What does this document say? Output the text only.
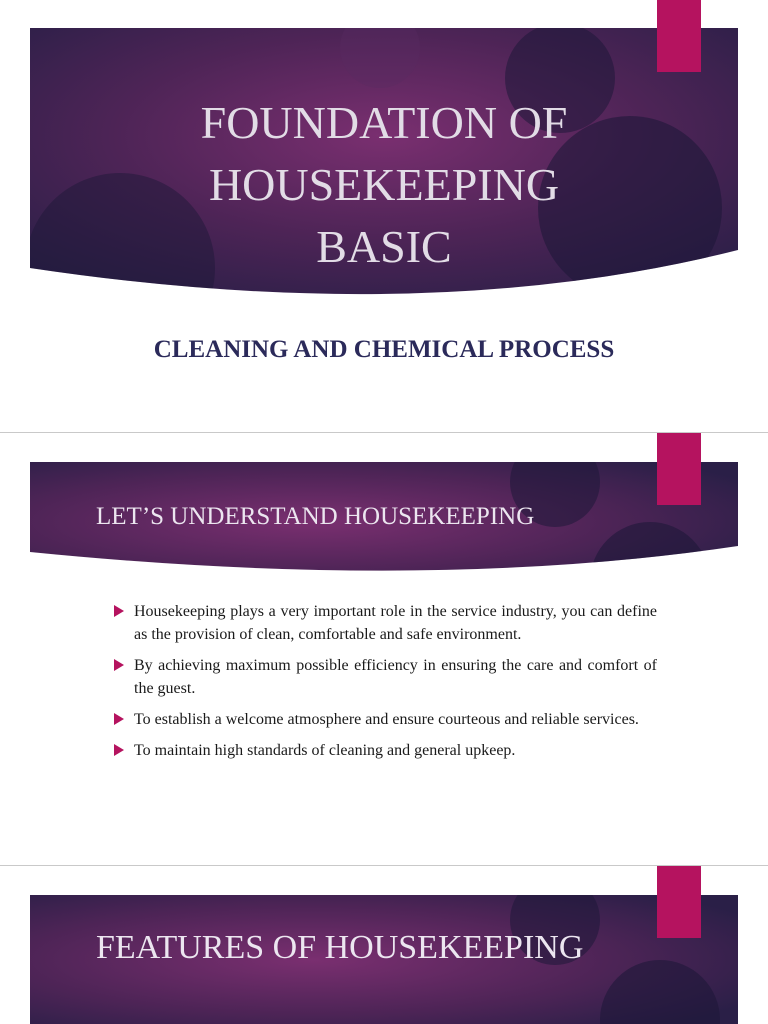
FOUNDATION OF
HOUSEKEEPING
BASIC

CLEANING AND CHEMICAL PROCESS

LET’S UNDERSTAND HOUSEKEEPING
Housekeeping plays a very important role in the service industry, you can define as the provision of clean, comfortable and safe environment.
By achieving maximum possible efficiency in ensuring the care and comfort of the guest.
To establish a welcome atmosphere and ensure courteous and reliable services.
To maintain high standards of cleaning and general upkeep.
FEATURES OF HOUSEKEEPING
